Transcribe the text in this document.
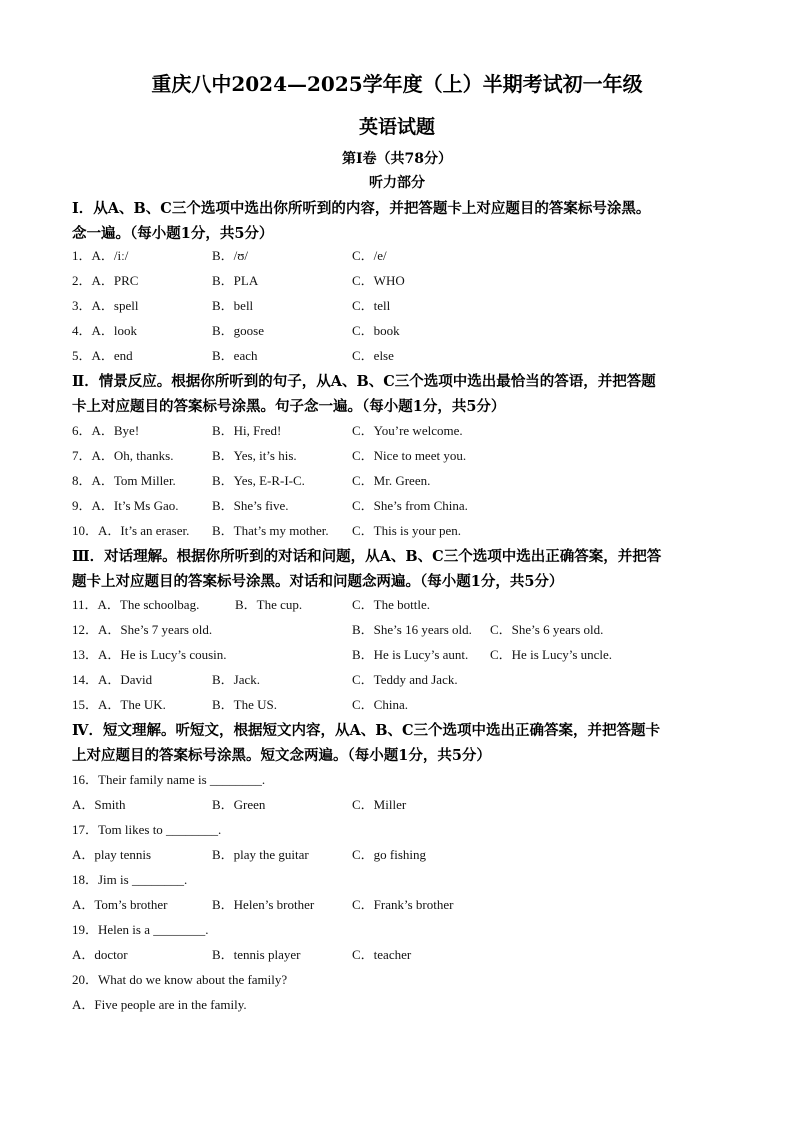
重庆八中2024—2025学年度（上）半期考试初一年级
英语试题
第Ⅰ卷（共78分）
听力部分
Ⅰ．从A、B、C三个选项中选出你所听到的内容，并把答题卡上对应题目的答案标号涂黑。
念一遍。（每小题1分，共5分）
1．A．/iː/	B．/ʊ/	C．/e/
2．A．PRC	B．PLA	C．WHO
3．A．spell	B．bell	C．tell
4．A．look	B．goose	C．book
5．A．end	B．each	C．else
Ⅱ．情景反应。根据你所听到的句子，从A、B、C三个选项中选出最恰当的答语，并把答题
卡上对应题目的答案标号涂黑。句子念一遍。（每小题1分，共5分）
6．A．Bye!	B．Hi, Fred!	C．You’re welcome.
7．A．Oh, thanks.	B．Yes, it’s his.	C．Nice to meet you.
8．A．Tom Miller.	B．Yes, E-R-I-C.	C．Mr. Green.
9．A．It’s Ms Gao.	B．She’s five.	C．She’s from China.
10．A．It’s an eraser. B．That’s my mother. C．This is your pen.
Ⅲ．对话理解。根据你所听到的对话和问题，从A、B、C三个选项中选出正确答案，并把答
题卡上对应题目的答案标号涂黑。对话和问题念两遍。（每小题1分，共5分）
11．A．The schoolbag.	B．The cup.	C．The bottle.
12．A．She’s 7 years old.	B．She’s 16 years old. C．She’s 6 years old.
13．A．He is Lucy’s cousin.	B．He is Lucy’s aunt. C．He is Lucy’s uncle.
14．A．David	B．Jack.	C．Teddy and Jack.
15．A．The UK.	B．The US.	C．China.
Ⅳ．短文理解。听短文，根据短文内容，从A、B、C三个选项中选出正确答案，并把答题卡
上对应题目的答案标号涂黑。短文念两遍。（每小题1分，共5分）
16．Their family name is ________.
A．Smith	B．Green	C．Miller
17．Tom likes to ________.
A．play tennis	B．play the guitar	C．go fishing
18．Jim is ________.
A．Tom’s brother	B．Helen’s brother	C．Frank’s brother
19．Helen is a ________.
A．doctor	B．tennis player	C．teacher
20．What do we know about the family?
A．Five people are in the family.
